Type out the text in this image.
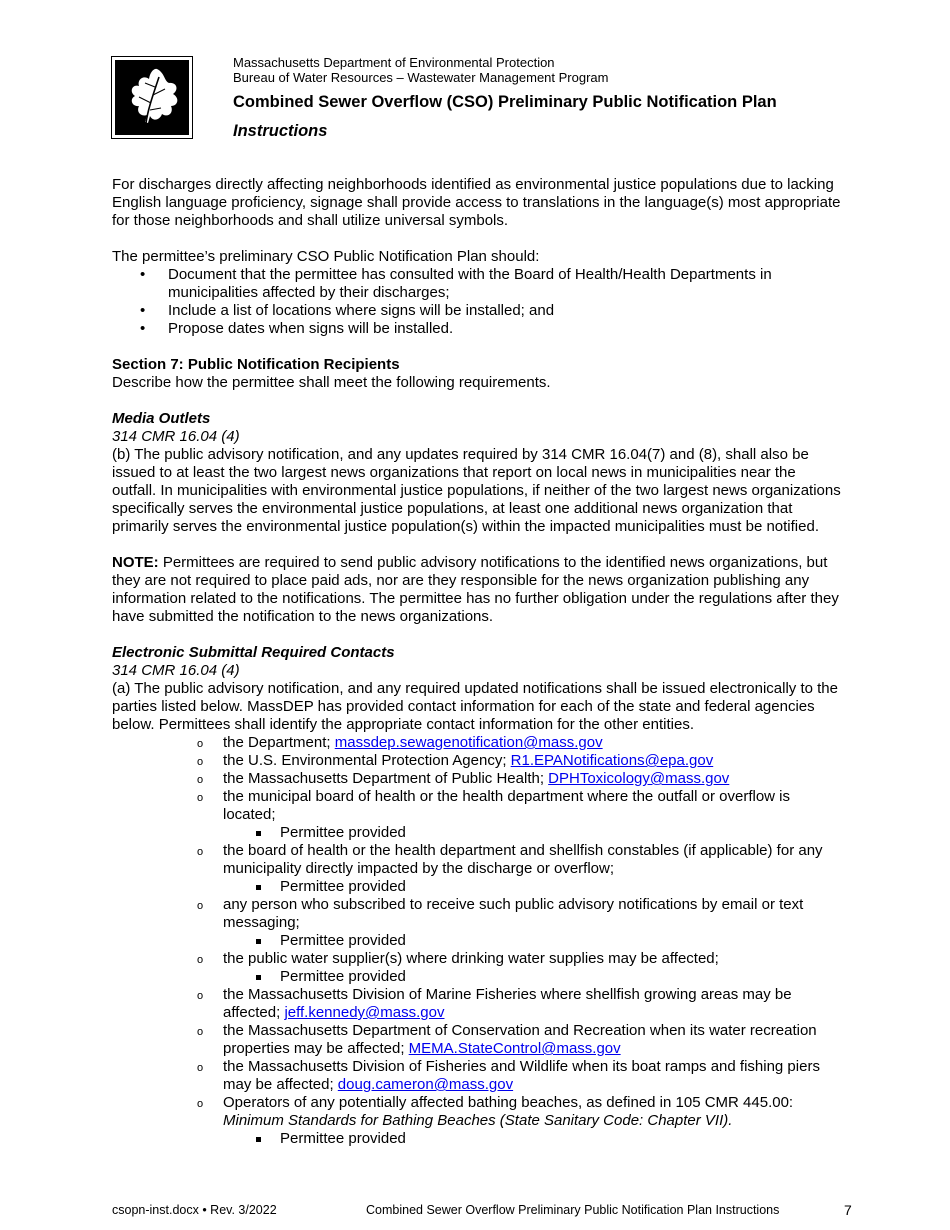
Massachusetts Department of Environmental Protection
Bureau of Water Resources – Wastewater Management Program
Combined Sewer Overflow (CSO) Preliminary Public Notification Plan
Instructions

For discharges directly affecting neighborhoods identified as environmental justice populations due to lacking English language proficiency, signage shall provide access to translations in the language(s) most appropriate for those neighborhoods and shall utilize universal symbols.

The permittee’s preliminary CSO Public Notification Plan should:

• Document that the permittee has consulted with the Board of Health/Health Departments in municipalities affected by their discharges;
• Include a list of locations where signs will be installed; and
• Propose dates when signs will be installed.

Section 7: Public Notification Recipients

Describe how the permittee shall meet the following requirements.

Media Outlets

314 CMR 16.04 (4)

(b) The public advisory notification, and any updates required by 314 CMR 16.04(7) and (8), shall also be issued to at least the two largest news organizations that report on local news in municipalities near the outfall. In municipalities with environmental justice populations, if neither of the two largest news organizations specifically serves the environmental justice populations, at least one additional news organization that primarily serves the environmental justice population(s) within the impacted municipalities must be notified.

NOTE: Permittees are required to send public advisory notifications to the identified news organizations, but they are not required to place paid ads, nor are they responsible for the news organization publishing any information related to the notifications. The permittee has no further obligation under the regulations after they have submitted the notification to the news organizations.

Electronic Submittal Required Contacts

314 CMR 16.04 (4)

(a) The public advisory notification, and any required updated notifications shall be issued electronically to the parties listed below. MassDEP has provided contact information for each of the state and federal agencies below. Permittees shall identify the appropriate contact information for the other entities.

o the Department; massdep.sewagenotification@mass.gov
o the U.S. Environmental Protection Agency; R1.EPANotifications@epa.gov
o the Massachusetts Department of Public Health; DPHToxicology@mass.gov
o the municipal board of health or the health department where the outfall or overflow is located;
Permittee provided
o the board of health or the health department and shellfish constables (if applicable) for any municipality directly impacted by the discharge or overflow;
Permittee provided
o any person who subscribed to receive such public advisory notifications by email or text messaging;
Permittee provided
o the public water supplier(s) where drinking water supplies may be affected;
Permittee provided
o the Massachusetts Division of Marine Fisheries where shellfish growing areas may be affected; jeff.kennedy@mass.gov
o the Massachusetts Department of Conservation and Recreation when its water recreation properties may be affected; MEMA.StateControl@mass.gov
o the Massachusetts Division of Fisheries and Wildlife when its boat ramps and fishing piers may be affected; doug.cameron@mass.gov
o Operators of any potentially affected bathing beaches, as defined in 105 CMR 445.00: Minimum Standards for Bathing Beaches (State Sanitary Code: Chapter VII).
Permittee provided
csopn-inst.docx • Rev. 3/2022	Combined Sewer Overflow Preliminary Public Notification Plan Instructions	7
